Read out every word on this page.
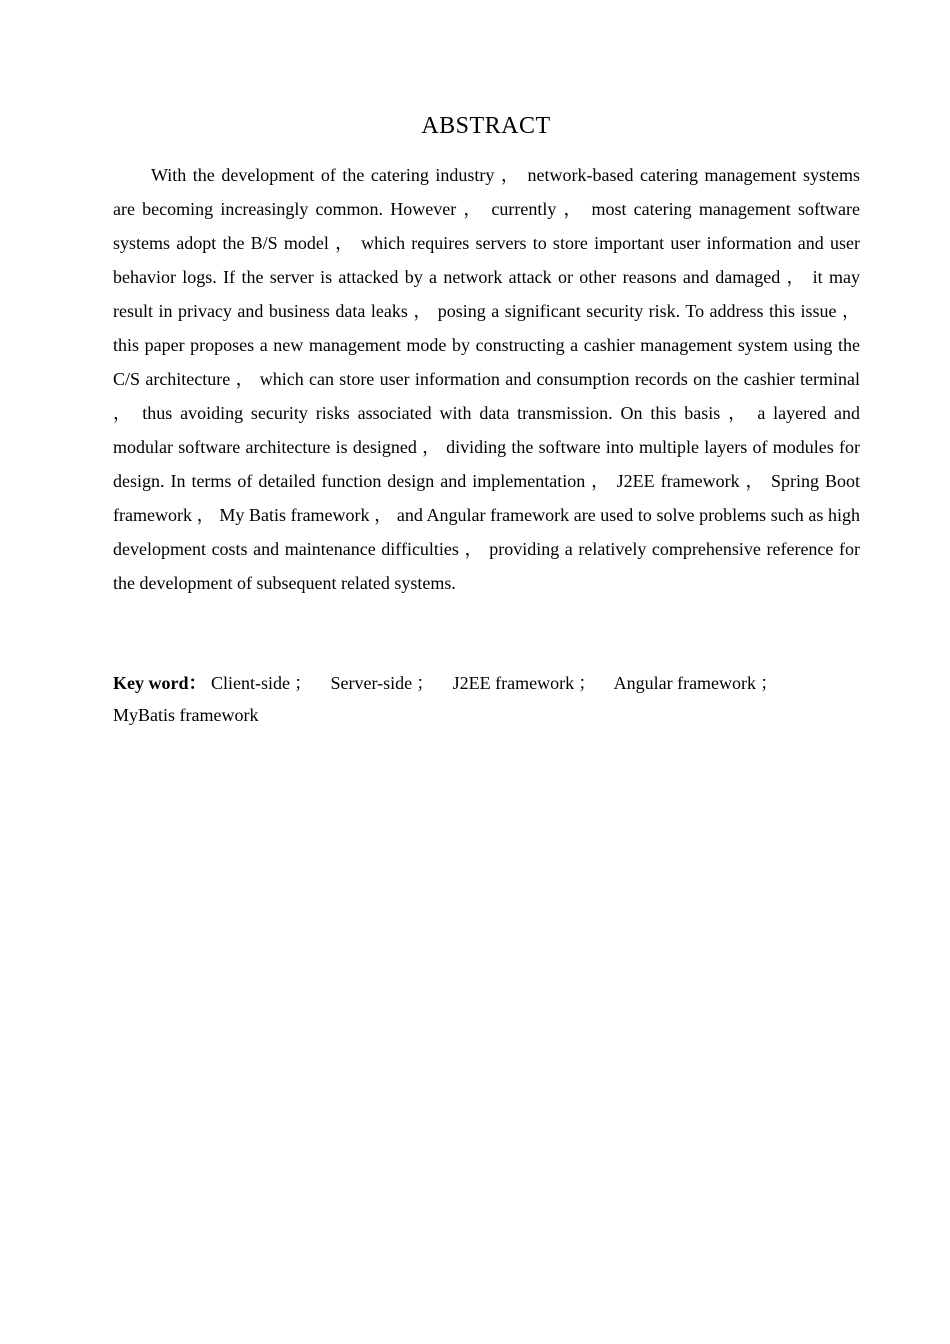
ABSTRACT

With the development of the catering industry ， network-based catering management systems are becoming increasingly common. However ， currently ， most catering management software systems adopt the B/S model ， which requires servers to store important user information and user behavior logs. If the server is attacked by a network attack or other reasons and damaged ， it may result in privacy and business data leaks ， posing a significant security risk. To address this issue ， this paper proposes a new management mode by constructing a cashier management system using the C/S architecture ， which can store user information and consumption records on the cashier terminal ， thus avoiding security risks associated with data transmission. On this basis ， a layered and modular software architecture is designed ， dividing the software into multiple layers of modules for design. In terms of detailed function design and implementation ， J2EE framework ， Spring Boot framework ， My Batis framework ， and Angular framework are used to solve problems such as high development costs and maintenance difficulties ， providing a relatively comprehensive reference for the development of subsequent related systems.

Key word： Client-side ； Server-side ； J2EE framework ； Angular framework ；
MyBatis framework
